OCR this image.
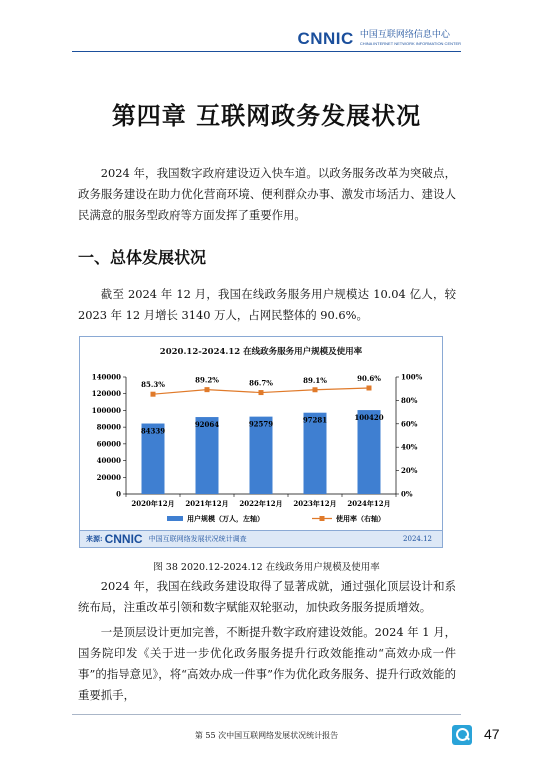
CNNIC 中国互联网络信息中心
CHINA INTERNET NETWORK INFORMATION CENTER
第四章 互联网政务发展状况

2024 年，我国数字政府建设迈入快车道。以政务服务改革为突破点，政务服务建设在助力优化营商环境、便利群众办事、激发市场活力、建设人民满意的服务型政府等方面发挥了重要作用。

一、总体发展状况

截至 2024 年 12 月，我国在线政务服务用户规模达 10.04 亿人，较 2023 年 12 月增长 3140 万人，占网民整体的 90.6%。

2020.12-2024.12 在线政务服务用户规模及使用率
0
20000
40000
60000
80000
100000
120000
140000
0%
20%
40%
60%
80%
100%
84339
2020年12月
92064
2021年12月
92579
2022年12月
97281
2023年12月
100420
2024年12月
85.3%
89.2%	86.7%	89.1%	90.6%
用户规模（万人，左轴）	使用率（右轴）
来源: CNNIC 中国互联网络发展状况统计调查	2024.12
图 38 2020.12-2024.12 在线政务用户规模及使用率

2024 年，我国在线政务建设取得了显著成就，通过强化顶层设计和系统布局，注重改革引领和数字赋能双轮驱动，加快政务服务提质增效。

一是顶层设计更加完善，不断提升数字政府建设效能。2024 年 1 月，国务院印发《关于进一步优化政务服务提升行政效能推动“高效办成一件事”的指导意见》，将“高效办成一件事”作为优化政务服务、提升行政效能的重要抓手，

第 55 次中国互联网络发展状况统计报告	47
